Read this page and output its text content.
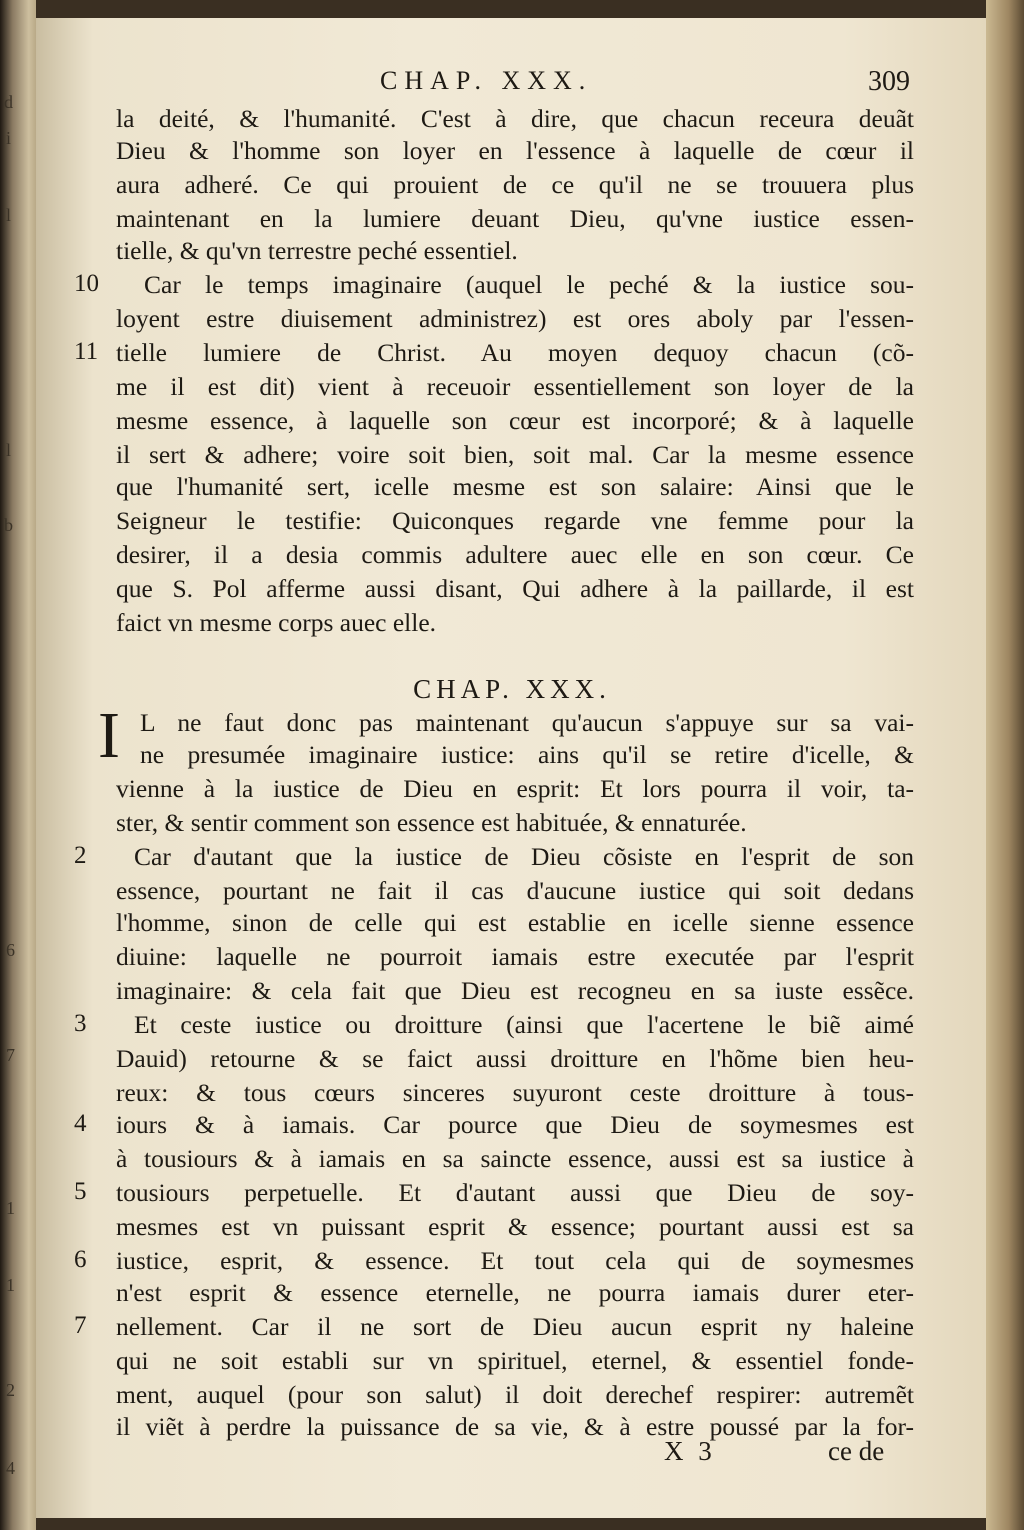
d
i
l
l
b
6
7
1
1
2
4
CHAP. XXX.	309
la deité, & l'humanité. C'est à dire, que chacun receura deuãt
Dieu & l'homme son loyer en l'essence à laquelle de cœur il
aura adheré. Ce qui prouient de ce qu'il ne se trouuera plus
maintenant en la lumiere deuant Dieu, qu'vne iustice essen-
tielle, & qu'vn terrestre peché essentiel.
10 Car le temps imaginaire (auquel le peché & la iustice sou-
loyent estre diuisement administrez) est ores aboly par l'essen-
11 tielle lumiere de Christ. Au moyen dequoy chacun (cõ-
me il est dit) vient à receuoir essentiellement son loyer de la
mesme essence, à laquelle son cœur est incorporé; & à laquelle
il sert & adhere; voire soit bien, soit mal. Car la mesme essence
que l'humanité sert, icelle mesme est son salaire: Ainsi que le
Seigneur le testifie: Quiconques regarde vne femme pour la
desirer, il a desia commis adultere auec elle en son cœur. Ce
que S. Pol afferme aussi disant, Qui adhere à la paillarde, il est
faict vn mesme corps auec elle.
CHAP. XXX.
I L ne faut donc pas maintenant qu'aucun s'appuye sur sa vai-
ne presumée imaginaire iustice: ains qu'il se retire d'icelle, &
vienne à la iustice de Dieu en esprit: Et lors pourra il voir, ta-
ster, & sentir comment son essence est habituée, & ennaturée.
2 Car d'autant que la iustice de Dieu cõsiste en l'esprit de son
essence, pourtant ne fait il cas d'aucune iustice qui soit dedans
l'homme, sinon de celle qui est establie en icelle sienne essence
diuine: laquelle ne pourroit iamais estre executée par l'esprit
imaginaire: & cela fait que Dieu est recogneu en sa iuste essẽce.
3 Et ceste iustice ou droitture (ainsi que l'acertene le biẽ aimé
Dauid) retourne & se faict aussi droitture en l'hõme bien heu-
reux: & tous cœurs sinceres suyuront ceste droitture à tous-
4 iours & à iamais. Car pource que Dieu de soymesmes est
à tousiours & à iamais en sa saincte essence, aussi est sa iustice à
5 tousiours perpetuelle. Et d'autant aussi que Dieu de soy-
mesmes est vn puissant esprit & essence; pourtant aussi est sa
6 iustice, esprit, & essence. Et tout cela qui de soymesmes
n'est esprit & essence eternelle, ne pourra iamais durer eter-
7 nellement. Car il ne sort de Dieu aucun esprit ny haleine
qui ne soit establi sur vn spirituel, eternel, & essentiel fonde-
ment, auquel (pour son salut) il doit derechef respirer: autremẽt
il viẽt à perdre la puissance de sa vie, & à estre poussé par la for-
X 3	ce de
